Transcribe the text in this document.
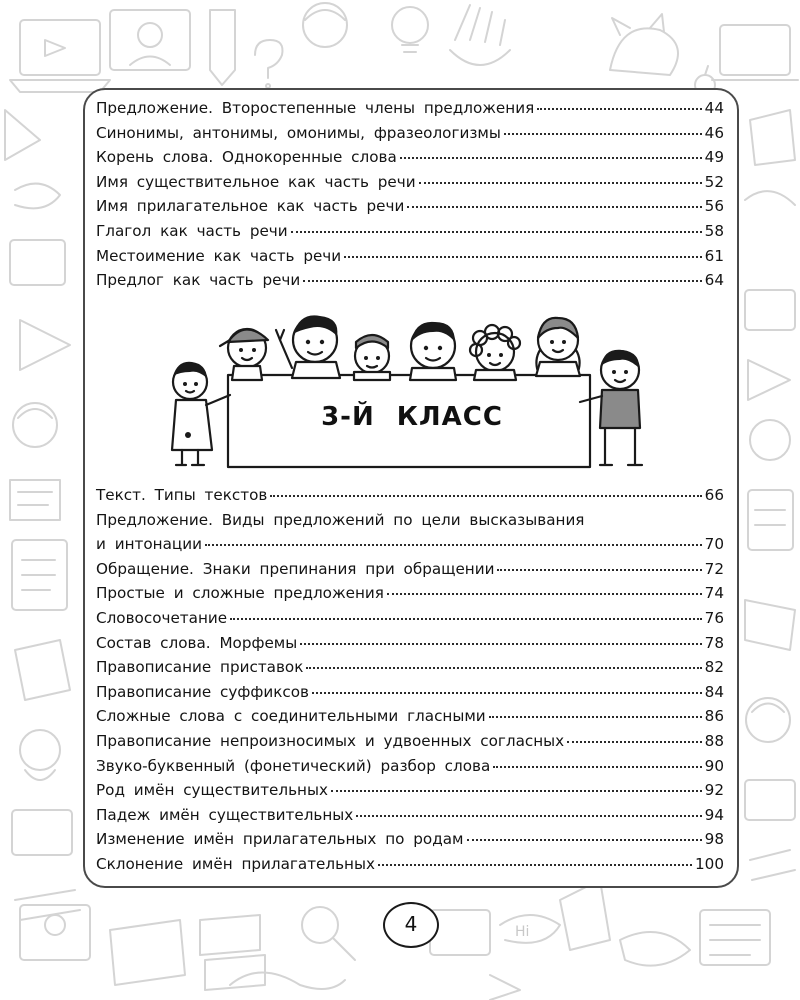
Hi
Предложение. Второстепенные члены предложения	44
Синонимы, антонимы, омонимы, фразеологизмы	46
Корень слова. Однокоренные слова	49
Имя существительное как часть речи	52
Имя прилагательное как часть речи	56
Глагол как часть речи	58
Местоимение как часть речи	61
Предлог как часть речи	64
3-Й КЛАСС
Текст. Типы текстов	66
Предложение. Виды предложений по цели высказывания
и интонации	70
Обращение. Знаки препинания при обращении	72
Простые и сложные предложения	74
Словосочетание	76
Состав слова. Морфемы	78
Правописание приставок	82
Правописание суффиксов	84
Сложные слова с соединительными гласными	86
Правописание непроизносимых и удвоенных согласных	88
Звуко-буквенный (фонетический) разбор слова	90
Род имён существительных	92
Падеж имён существительных	94
Изменение имён прилагательных по родам	98
Склонение имён прилагательных	100
4
